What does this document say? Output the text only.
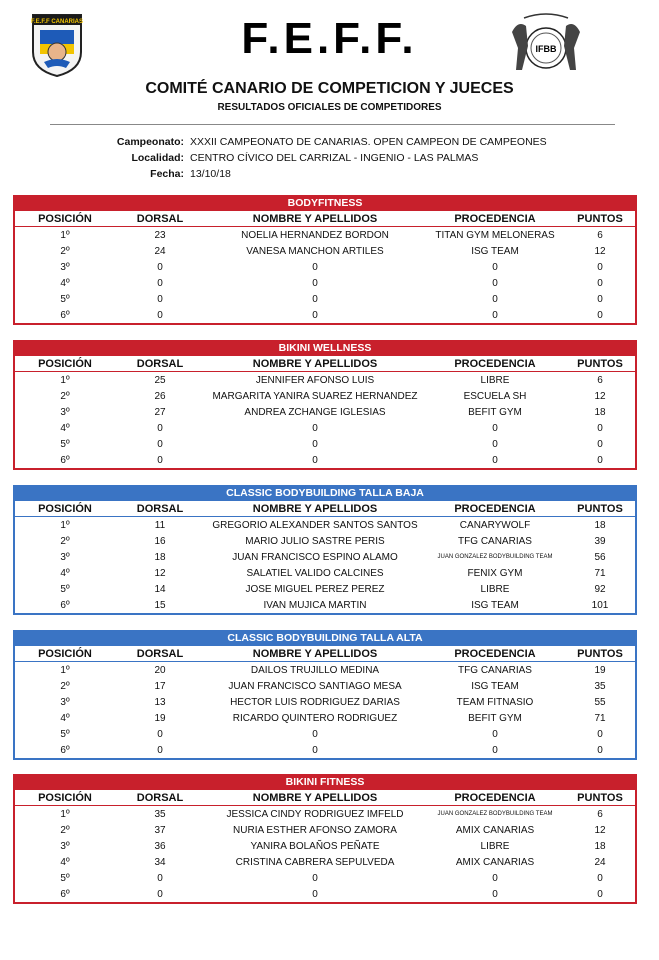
F.E.F.F CANARIAS	F.E.F.F.	IFBB
COMITÉ CANARIO DE COMPETICION Y JUECES
RESULTADOS OFICIALES DE COMPETIDORES
Campeonato: XXXII CAMPEONATO DE CANARIAS. OPEN CAMPEON DE CAMPEONES
Localidad: CENTRO CÍVICO DEL CARRIZAL - INGENIO - LAS PALMAS
Fecha: 13/10/18
BODYFITNESS
POSICIÓN	DORSAL	NOMBRE Y APELLIDOS	PROCEDENCIA	PUNTOS
1º	23	NOELIA HERNANDEZ BORDON	TITAN GYM MELONERAS	6
2º	24	VANESA MANCHON ARTILES	ISG TEAM	12
3º	0	0	0	0
4º	0	0	0	0
5º	0	0	0	0
6º	0	0	0	0
BIKINI WELLNESS
POSICIÓN	DORSAL	NOMBRE Y APELLIDOS	PROCEDENCIA	PUNTOS
1º	25	JENNIFER AFONSO LUIS	LIBRE	6
2º	26	MARGARITA YANIRA SUAREZ HERNANDEZ	ESCUELA SH	12
3º	27	ANDREA ZCHANGE IGLESIAS	BEFIT GYM	18
4º	0	0	0	0
5º	0	0	0	0
6º	0	0	0	0
CLASSIC BODYBUILDING TALLA BAJA
POSICIÓN	DORSAL	NOMBRE Y APELLIDOS	PROCEDENCIA	PUNTOS
1º	11	GREGORIO ALEXANDER SANTOS SANTOS	CANARYWOLF	18
2º	16	MARIO JULIO SASTRE PERIS	TFG CANARIAS	39
3º	18	JUAN FRANCISCO ESPINO ALAMO	JUAN GONZALEZ BODYBUILDING TEAM	56
4º	12	SALATIEL VALIDO CALCINES	FENIX GYM	71
5º	14	JOSE MIGUEL PEREZ PEREZ	LIBRE	92
6º	15	IVAN MUJICA MARTIN	ISG TEAM	101
CLASSIC BODYBUILDING TALLA ALTA
POSICIÓN	DORSAL	NOMBRE Y APELLIDOS	PROCEDENCIA	PUNTOS
1º	20	DAILOS TRUJILLO MEDINA	TFG CANARIAS	19
2º	17	JUAN FRANCISCO SANTIAGO MESA	ISG TEAM	35
3º	13	HECTOR LUIS RODRIGUEZ DARIAS	TEAM FITNASIO	55
4º	19	RICARDO QUINTERO RODRIGUEZ	BEFIT GYM	71
5º	0	0	0	0
6º	0	0	0	0
BIKINI FITNESS
POSICIÓN	DORSAL	NOMBRE Y APELLIDOS	PROCEDENCIA	PUNTOS
1º	35	JESSICA CINDY RODRIGUEZ IMFELD	JUAN GONZALEZ BODYBUILDING TEAM	6
2º	37	NURIA ESTHER AFONSO ZAMORA	AMIX CANARIAS	12
3º	36	YANIRA BOLAÑOS PEÑATE	LIBRE	18
4º	34	CRISTINA CABRERA SEPULVEDA	AMIX CANARIAS	24
5º	0	0	0	0
6º	0	0	0	0
